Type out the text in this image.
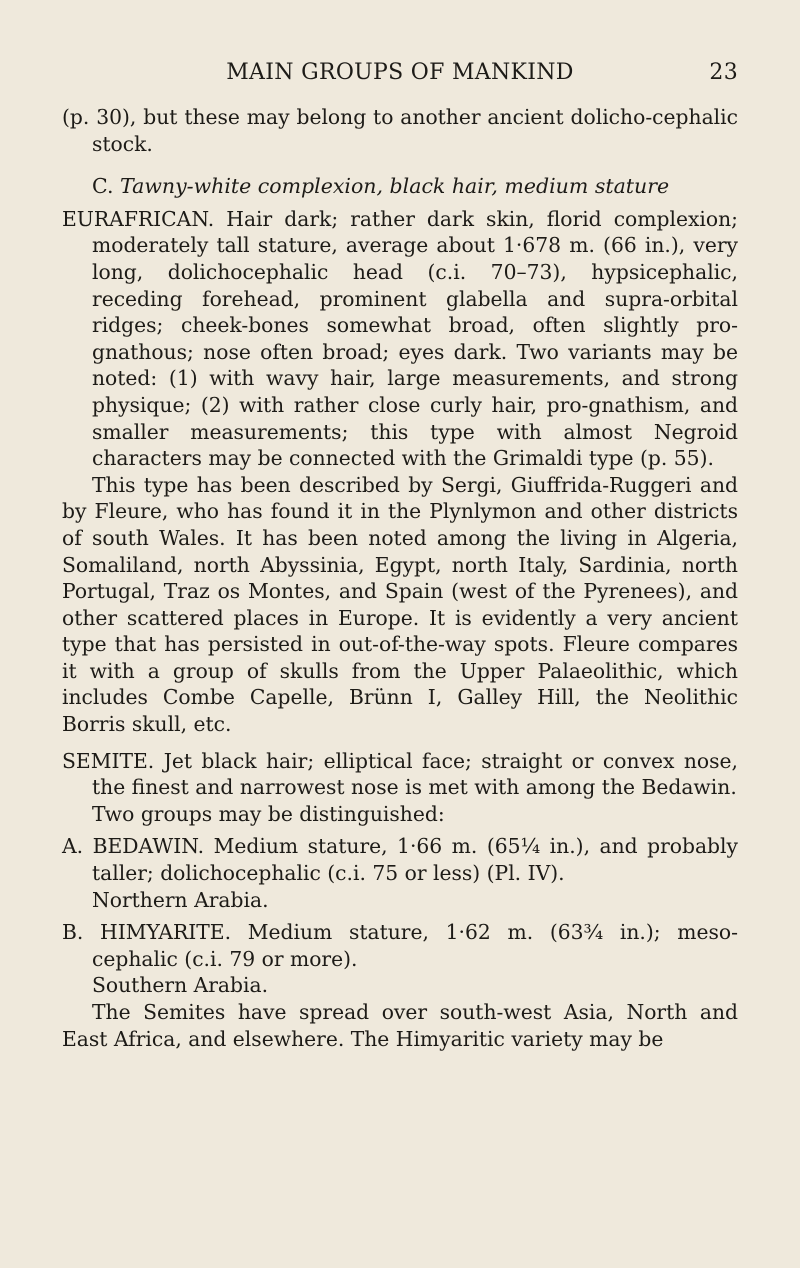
MAIN GROUPS OF MANKIND	23

(p. 30), but these may belong to another ancient dolicho-cephalic stock.

C. Tawny-white complexion, black hair, medium stature

EURAFRICAN. Hair dark; rather dark skin, florid complexion; moderately tall stature, average about 1·678 m. (66 in.), very long, dolichocephalic head (c.i. 70–73), hypsicephalic, receding forehead, prominent glabella and supra-orbital ridges; cheek-bones somewhat broad, often slightly pro-gnathous; nose often broad; eyes dark. Two variants may be noted: (1) with wavy hair, large measurements, and strong physique; (2) with rather close curly hair, pro-gnathism, and smaller measurements; this type with almost Negroid characters may be connected with the Grimaldi type (p. 55).

This type has been described by Sergi, Giuffrida-Ruggeri and by Fleure, who has found it in the Plynlymon and other districts of south Wales. It has been noted among the living in Algeria, Somaliland, north Abyssinia, Egypt, north Italy, Sardinia, north Portugal, Traz os Montes, and Spain (west of the Pyrenees), and other scattered places in Europe. It is evidently a very ancient type that has persisted in out-of-the-way spots. Fleure compares it with a group of skulls from the Upper Palaeolithic, which includes Combe Capelle, Brünn I, Galley Hill, the Neolithic Borris skull, etc.

SEMITE. Jet black hair; elliptical face; straight or convex nose, the finest and narrowest nose is met with among the Bedawin.

Two groups may be distinguished:

A. BEDAWIN. Medium stature, 1·66 m. (65¼ in.), and probably taller; dolichocephalic (c.i. 75 or less) (Pl. IV).

Northern Arabia.

B. HIMYARITE. Medium stature, 1·62 m. (63¾ in.); meso-cephalic (c.i. 79 or more).

Southern Arabia.

The Semites have spread over south-west Asia, North and East Africa, and elsewhere. The Himyaritic variety may be
